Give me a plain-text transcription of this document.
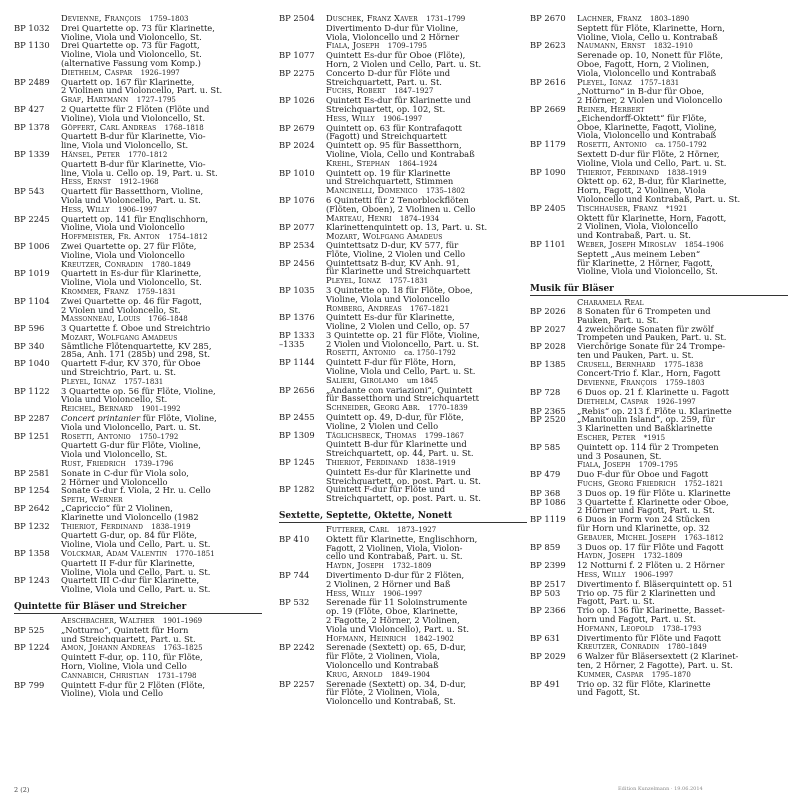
Devienne, François  1759–1803
BP 1032	Drei Quartette op. 73 für Klarinette,
Violine, Viola und Violoncello, St.
BP 1130	Drei Quartette op. 73 für Fagott,
Violine, Viola und Violoncello, St.
(alternative Fassung vom Komp.)
Diethelm, Caspar  1926–1997
BP 2489	Quartett op. 167 für Klarinette,
2 Violinen und Violoncello, Part. u. St.
Graf, Hartmann  1727–1795
BP 427	2 Quartette für 2 Flöten (Flöte und
Violine), Viola und Violoncello, St.
BP 1378	Göpfert, Carl Andreas  1768–1818
Quartett B-dur für Klarinette, Vio-
line, Viola und Violoncello, St.
BP 1339	Hänsel, Peter  1770–1812
Quartett B-dur für Klarinette, Vio-
line, Viola u. Cello op. 19, Part. u. St.
Hess, Ernst  1912–1968
BP 543	Quartett für Bassetthorn, Violine,
Viola und Violoncello, Part. u. St.
Hess, Willy  1906–1997
BP 2245	Quartett op. 141 für Englischhorn,
Violine, Viola und Violoncello
Hoffmeister, Fr. Anton  1754–1812
BP 1006	Zwei Quartette op. 27 für Flöte,
Violine, Viola und Violoncello
Kreutzer, Conradin  1780–1849
BP 1019	Quartett in Es-dur für Klarinette,
Violine, Viola und Violoncello, St.
Krommer, Franz  1759–1831
BP 1104	Zwei Quartette op. 46 für Fagott,
2 Violen und Violoncello, St.
Massonneau, Louis  1766–1848
BP 596	3 Quartette f. Oboe und Streichtrio
Mozart, Wolfgang Amadeus
BP 340	Sämtliche Flötenquartette, KV 285,
285a, Anh. 171 (285b) und 298, St.
BP 1040	Quartett F-dur, KV 370, für Oboe
und Streichtrio, Part. u. St.
Pleyel, Ignaz  1757–1831
BP 1122	3 Quartette op. 56 für Flöte, Violine,
Viola und Violoncello, St.
Reichel, Bernard  1901–1992
BP 2287	Concert printanier für Flöte, Violine,
Viola und Violoncello, Part. u. St.
BP 1251	Rosetti, Antonio  1750–1792
Quartett G-dur für Flöte, Violine,
Viola und Violoncello, St.
Rust, Friedrich  1739–1796
BP 2581	Sonate in C-dur für Viola solo,
2 Hörner und Violoncello
BP 1254	Sonate G-dur f. Viola, 2 Hr. u. Cello
Speth, Werner
BP 2642	„Capriccio“ für 2 Violinen,
Klarinette und Violoncello (1982
BP 1232	Thieriot, Ferdinand  1838–1919
Quartett G-dur, op. 84 für Flöte,
Violine, Viola und Cello, Part. u. St.
BP 1358	Volckmar, Adam Valentin  1770–1851
Quartett II F-dur für Klarinette,
Violine, Viola und Cello, Part. u. St.
BP 1243	Quartett III C-dur für Klarinette,
Violine, Viola und Cello, Part. u. St.
Quintette für Bläser und Streicher
Aeschbacher, Walther  1901–1969
BP 525	„Notturno“, Quintett für Horn
und Streichquartett, Part. u. St.
BP 1224	Amon, Johann Andreas  1763–1825
Quintett F-dur, op. 110, für Flöte,
Horn, Violine, Viola und Cello
Cannabich, Christian  1731–1798
BP 799	Quintett F-dur für 2 Flöten (Flöte,
Violine), Viola und Cello
BP 2504	Duschek, Franz Xaver  1731–1799
Divertimento D-dur für Violine,
Viola, Violoncello und 2 Hörner
Fiala, Joseph  1709–1795
BP 1077	Quintett Es-dur für Oboe (Flöte),
Horn, 2 Violen und Cello, Part. u. St.
BP 2275	Concerto D-dur für Flöte und
Streichquartett, Part. u. St.
Fuchs, Robert  1847–1927
BP 1026	Quintett Es-dur für Klarinette und
Streichquartett, op. 102, St.
Hess, Willy  1906–1997
BP 2679	Quintett op. 63 für Kontrafagott
(Fagott) und Streichquartett
BP 2024	Quintett op. 95 für Bassetthorn,
Violine, Viola, Cello und Kontrabaß
Krehl, Stephan  1864–1924
BP 1010	Quintett op. 19 für Klarinette
und Streichquartett, Stimmen
Mancinelli, Domenico  1735–1802
BP 1076	6 Quintetti für 2 Tenorblockflöten
(Flöten, Oboen), 2 Violinen u. Cello
Marteau, Henri  1874–1934
BP 2077	Klarinettenquintett op. 13, Part. u. St.
Mozart, Wolfgang Amadeus
BP 2534	Quintettsatz D-dur, KV 577, für
Flöte, Violine, 2 Violen und Cello
BP 2456	Quintettsatz B-dur, KV Anh. 91,
für Klarinette und Streichquartett
Pleyel, Ignaz  1757–1831
BP 1035	3 Quintette op. 18 für Flöte, Oboe,
Violine, Viola und Violoncello
Romberg, Andreas  1767–1821
BP 1376	Quintett Es-dur für Klarinette,
Violine, 2 Violen und Cello, op. 57
BP 1333	3 Quintette op. 21 für Flöte, Violine,
–1335	2 Violen und Violoncello, Part. u. St.
Rosetti, Antonio  ca. 1750–1792
BP 1144	Quintett F-dur für Flöte, Horn,
Violine, Viola und Cello, Part. u. St.
Salieri, Girolamo  um 1845
BP 2656	„Andante con variazioni“, Quintett
für Bassetthorn und Streichquartett
Schneider, Georg Abr.  1770–1839
BP 2455	Quintett op. 49, D-dur, für Flöte,
Violine, 2 Violen und Cello
BP 1309	Täglichsbeck, Thomas  1799–1867
Quintett B-dur für Klarinette und
Streichquartett, op. 44, Part. u. St.
BP 1245	Thieriot, Ferdinand  1838–1919
Quintett Es-dur für Klarinette und
Streichquartett, op. post. Part. u. St.
BP 1282	Quintett F-dur für Flöte und
Streichquartett, op. post. Part. u. St.
Sextette, Septette, Oktette, Nonett
Futterer, Carl  1873–1927
BP 410	Oktett für Klarinette, Englischhorn,
Fagott, 2 Violinen, Viola, Violon-
cello und Kontrabaß, Part. u. St.
Haydn, Joseph  1732–1809
BP 744	Divertimento D-dur für 2 Flöten,
2 Violinen, 2 Hörner und Baß
Hess, Willy  1906–1997
BP 532	Serenade für 11 Soloinstrumente
op. 19 (Flöte, Oboe, Klarinette,
2 Fagotte, 2 Hörner, 2 Violinen,
Viola und Violoncello), Part. u. St.
Hofmann, Heinrich  1842–1902
BP 2242	Serenade (Sextett) op. 65, D-dur,
für Flöte, 2 Violinen, Viola,
Violoncello und Kontrabaß
Krug, Arnold  1849–1904
BP 2257	Serenade (Sextett) op. 34, D-dur,
für Flöte, 2 Violinen, Viola,
Violoncello und Kontrabaß, St.
BP 2670	Lachner, Franz  1803–1890
Septett für Flöte, Klarinette, Horn,
Violine, Viola, Cello u. Kontrabaß
BP 2623	Naumann, Ernst  1832–1910
Serenade op. 10, Nonett für Flöte,
Oboe, Fagott, Horn, 2 Violinen,
Viola, Violoncello und Kontrabaß
BP 2616	Pleyel, Ignaz  1757–1831
„Notturno“ in B-dur für Oboe,
2 Hörner, 2 Violen und Violoncello
BP 2669	Reiner, Herbert
„Eichendorff-Oktett“ für Flöte,
Oboe, Klarinette, Fagott, Violine,
Viola, Violoncello und Kontrabaß
BP 1179	Rosetti, Antonio  ca. 1750–1792
Sextett D-dur für Flöte, 2 Hörner,
Violine, Viola und Cello, Part. u. St.
BP 1090	Thieriot, Ferdinand  1838–1919
Oktett op. 62, B-dur, für Klarinette,
Horn, Fagott, 2 Violinen, Viola
Violoncello und Kontrabaß, Part. u. St.
BP 2405	Tischhauser, Franz  *1921
Oktett für Klarinette, Horn, Fagott,
2 Violinen, Viola, Violoncello
und Kontrabaß, Part. u. St.
BP 1101	Weber, Joseph Miroslav  1854–1906
Septett „Aus meinem Leben“
für Klarinette, 2 Hörner, Fagott,
Violine, Viola und Violoncello, St.
Musik für Bläser
Charamela Real
BP 2026	8 Sonaten für 6 Trompeten und
Pauken, Part. u. St.
BP 2027	4 zweichörige Sonaten für zwölf
Trompeten und Pauken, Part. u. St.
BP 2028	Vierchörige Sonate für 24 Trompe-
ten und Pauken, Part. u. St.
BP 1385	Crusell, Bernhard  1775–1838
Concert-Trio f. Klar., Horn, Fagott
Devienne, François  1759–1803
BP 728	6 Duos op. 21 f. Klarinette u. Fagott
Diethelm, Caspar  1926–1997
BP 2365	„Rebis“ op. 213 f. Flöte u. Klarinette
BP 2520	„Manitoulin Island“, op. 259, für
3 Klarinetten und Baßklarinette
Escher, Peter  *1915
BP 585	Quintett op. 114 für 2 Trompeten
und 3 Posaunen, St.
Fiala, Joseph  1709–1795
BP 479	Duo F-dur für Oboe und Fagott
Fuchs, Georg Friedrich  1752–1821
BP 368	3 Duos op. 19 für Flöte u. Klarinette
BP 1086	3 Quartette f. Klarinette oder Oboe,
2 Hörner und Fagott, Part. u. St.
BP 1119	6 Duos in Form von 24 Stücken
für Horn und Klarinette, op. 32
Gebauer, Michel Joseph  1763–1812
BP 859	3 Duos op. 17 für Flöte und Fagott
Haydn, Joseph  1732–1809
BP 2399	12 Notturni f. 2 Flöten u. 2 Hörner
Hess, Willy  1906–1997
BP 2517	Divertimento f. Bläserquintett op. 51
BP 503	Trio op. 75 für 2 Klarinetten und
Fagott, Part. u. St.
BP 2366	Trio op. 136 für Klarinette, Basset-
horn und Fagott, Part. u. St.
Hofmann, Leopold  1738–1793
BP 631	Divertimento für Flöte und Fagott
Kreutzer, Conradin  1780–1849
BP 2029	6 Walzer für Bläsersextett (2 Klarinet-
ten, 2 Hörner, 2 Fagotte), Part. u. St.
Kummer, Caspar  1795–1870
BP 491	Trio op. 32 für Flöte, Klarinette
und Fagott, St.
2 (2)	Edition Kunzelmann · 19.06.2014
